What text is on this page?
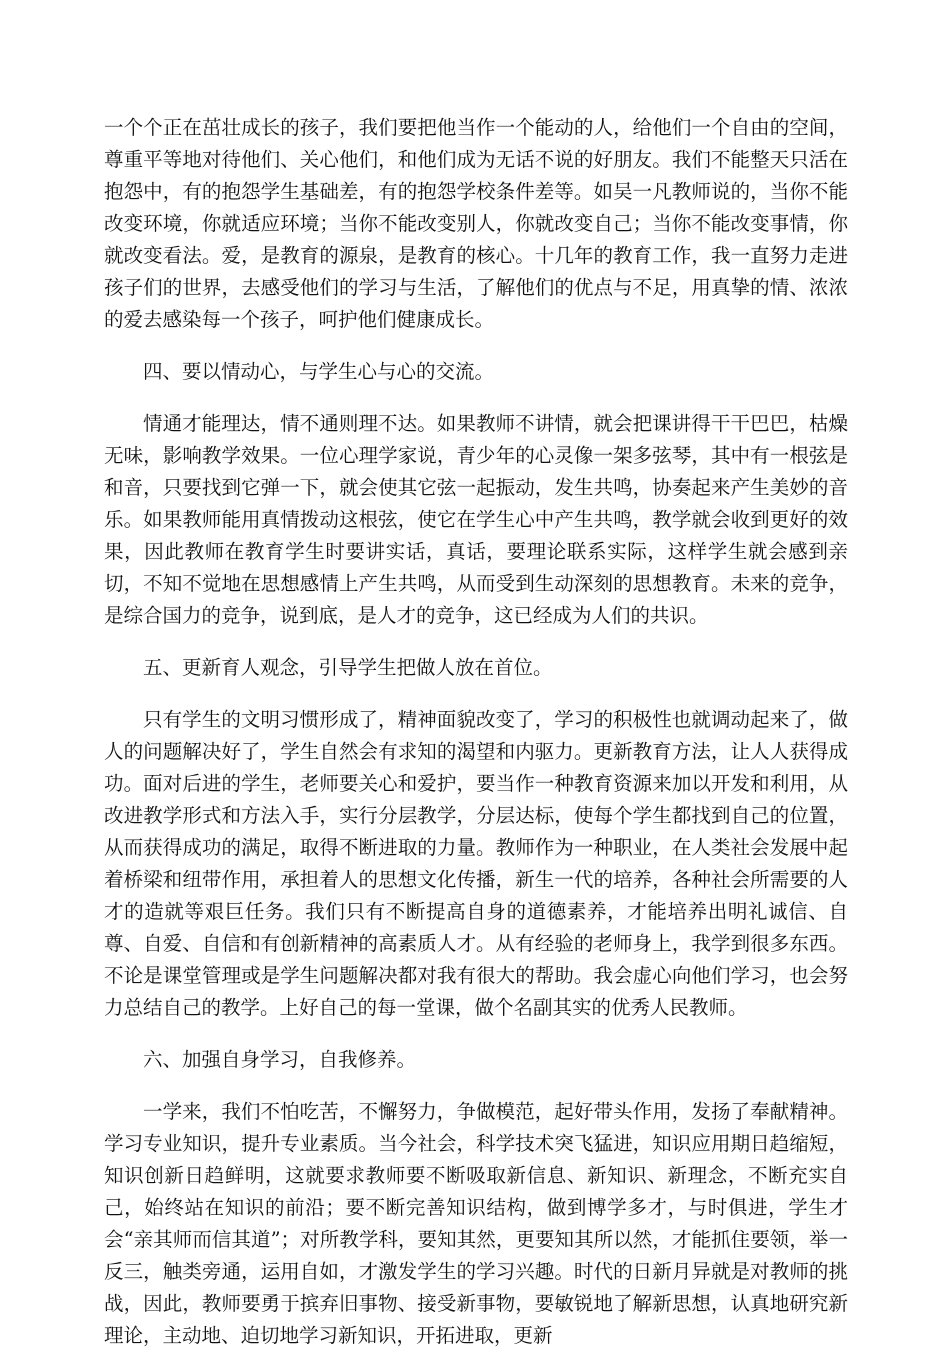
一个个正在茁壮成长的孩子，我们要把他当作一个能动的人，给他们一个自由的空间，尊重平等地对待他们、关心他们，和他们成为无话不说的好朋友。我们不能整天只活在抱怨中，有的抱怨学生基础差，有的抱怨学校条件差等。如吴一凡教师说的，当你不能改变环境，你就适应环境；当你不能改变别人，你就改变自己；当你不能改变事情，你就改变看法。爱，是教育的源泉，是教育的核心。十几年的教育工作，我一直努力走进孩子们的世界，去感受他们的学习与生活，了解他们的优点与不足，用真挚的情、浓浓的爱去感染每一个孩子，呵护他们健康成长。

四、要以情动心，与学生心与心的交流。

情通才能理达，情不通则理不达。如果教师不讲情，就会把课讲得干干巴巴，枯燥无味，影响教学效果。一位心理学家说，青少年的心灵像一架多弦琴，其中有一根弦是和音，只要找到它弹一下，就会使其它弦一起振动，发生共鸣，协奏起来产生美妙的音乐。如果教师能用真情拨动这根弦，使它在学生心中产生共鸣，教学就会收到更好的效果，因此教师在教育学生时要讲实话，真话，要理论联系实际，这样学生就会感到亲切，不知不觉地在思想感情上产生共鸣，从而受到生动深刻的思想教育。未来的竞争，是综合国力的竞争，说到底，是人才的竞争，这已经成为人们的共识。

五、更新育人观念，引导学生把做人放在首位。

只有学生的文明习惯形成了，精神面貌改变了，学习的积极性也就调动起来了，做人的问题解决好了，学生自然会有求知的渴望和内驱力。更新教育方法，让人人获得成功。面对后进的学生，老师要关心和爱护，要当作一种教育资源来加以开发和利用，从改进教学形式和方法入手，实行分层教学，分层达标，使每个学生都找到自己的位置，从而获得成功的满足，取得不断进取的力量。教师作为一种职业，在人类社会发展中起着桥梁和纽带作用，承担着人的思想文化传播，新生一代的培养，各种社会所需要的人才的造就等艰巨任务。我们只有不断提高自身的道德素养，才能培养出明礼诚信、自尊、自爱、自信和有创新精神的高素质人才。从有经验的老师身上，我学到很多东西。不论是课堂管理或是学生问题解决都对我有很大的帮助。我会虚心向他们学习，也会努力总结自己的教学。上好自己的每一堂课，做个名副其实的优秀人民教师。

六、加强自身学习，自我修养。

一学来，我们不怕吃苦，不懈努力，争做模范，起好带头作用，发扬了奉献精神。学习专业知识，提升专业素质。当今社会，科学技术突飞猛进，知识应用期日趋缩短，知识创新日趋鲜明，这就要求教师要不断吸取新信息、新知识、新理念，不断充实自己，始终站在知识的前沿；要不断完善知识结构，做到博学多才，与时俱进，学生才会“亲其师而信其道”；对所教学科，要知其然，更要知其所以然，才能抓住要领，举一反三，触类旁通，运用自如，才激发学生的学习兴趣。时代的日新月异就是对教师的挑战，因此，教师要勇于摈弃旧事物、接受新事物，要敏锐地了解新思想，认真地研究新理论，主动地、迫切地学习新知识，开拓进取，更新
